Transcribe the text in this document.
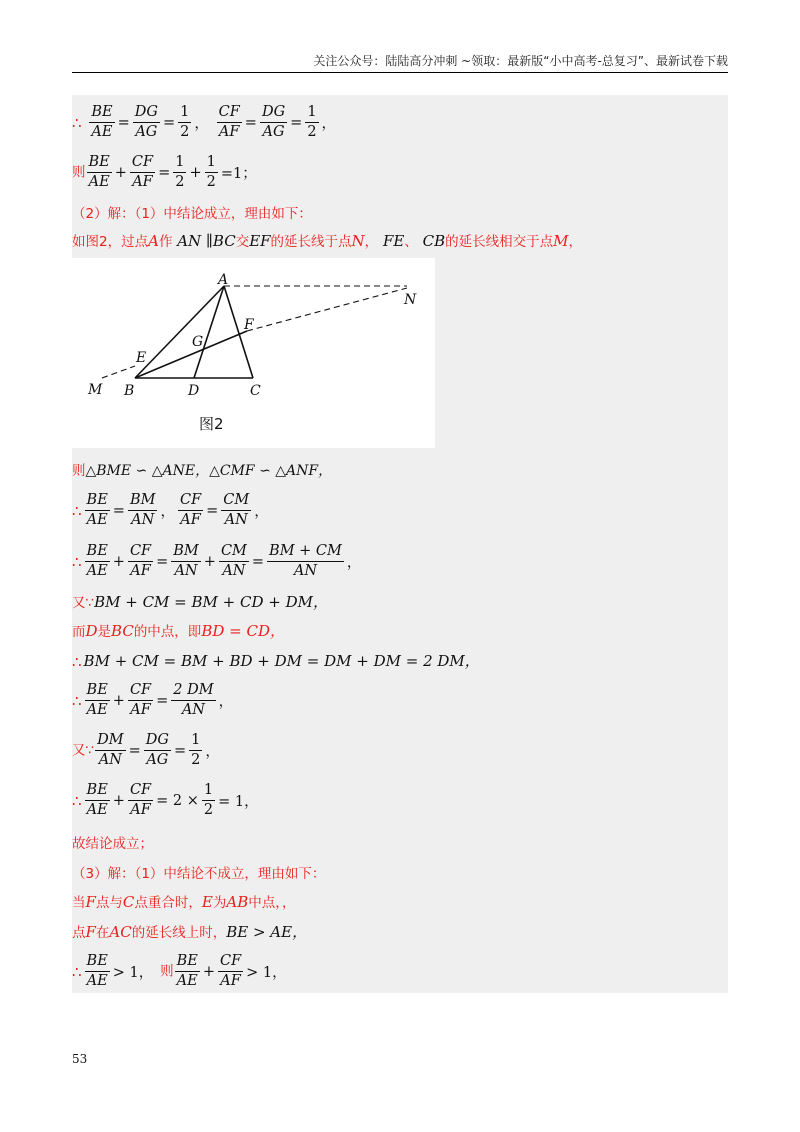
关注公众号：陆陆高分冲刺 ~领取：最新版“小中高考-总复习”、最新试卷下载
∴ $\frac{BE}{AE} = \frac{DG}{AG} = \frac{1}{2}$ ， $\frac{CF}{AF} = \frac{DG}{AG} = \frac{1}{2}$ ，
则 $\frac{BE}{AE} + \frac{CF}{AF} = \frac{1}{2} + \frac{1}{2} =1$；
（2）解：（1）中结论成立，理由如下：
如图2，过点A作 AN ∥BC交EF的延长线于点N， FE、 CB的延长线相交于点M，
A
N
F
G
E
M B	D	C
图2
则△BME ∽ △ANE，△CMF ∽ △ANF，
∴ $\frac{BE}{AE} = \frac{BM}{AN}$ ， $\frac{CF}{AF} = \frac{CM}{AN}$ ，
∴ $\frac{BE}{AE} + \frac{CF}{AF} = \frac{BM}{AN} + \frac{CM}{AN} = \frac{BM + CM}{AN}$ ，
又∵BM + CM = BM + CD + DM，
而D是BC的中点，即BD = CD，
∴ BM + CM = BM + BD + DM = DM + DM = 2 DM，
∴ $\frac{BE}{AE} + \frac{CF}{AF} = \frac{2 DM}{AN}$ ，
又∵ $\frac{DM}{AN} = \frac{DG}{AG} = \frac{1}{2}$ ，
∴ $\frac{BE}{AE} + \frac{CF}{AF} = 2 \times \frac{1}{2} = 1$，
故结论成立；
（3）解：（1）中结论不成立，理由如下：
当F点与C点重合时，E为AB中点，，
点F在AC的延长线上时，BE > AE，
∴ $\frac{BE}{AE} > 1$， 则 $\frac{BE}{AE} + \frac{CF}{AF} > 1$，
53
